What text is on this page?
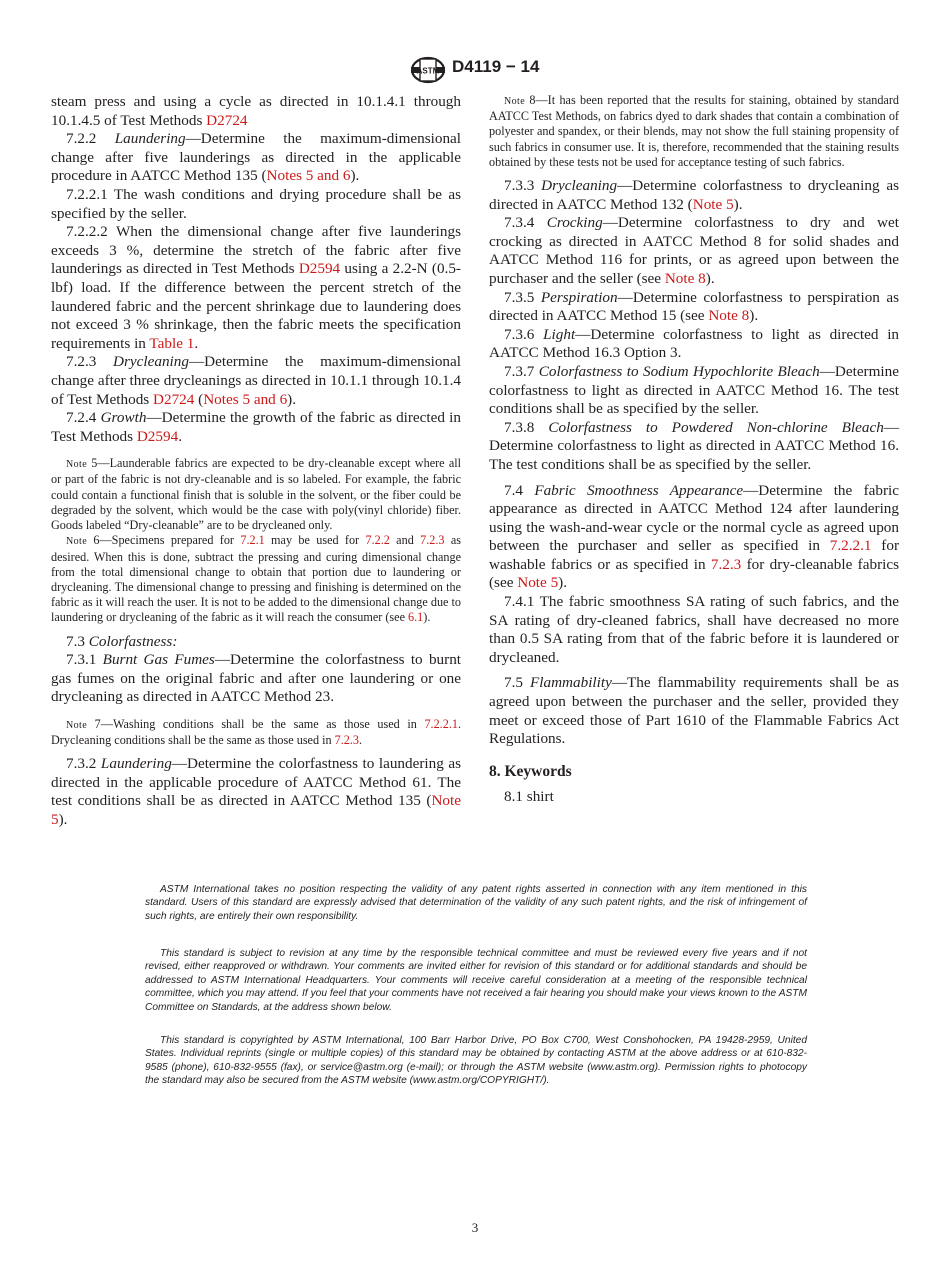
ASTM D4119 − 14

steam press and using a cycle as directed in 10.1.4.1 through 10.1.4.5 of Test Methods D2724

7.2.2 Laundering—Determine the maximum-dimensional change after five launderings as directed in the applicable procedure in AATCC Method 135 (Notes 5 and 6).

7.2.2.1 The wash conditions and drying procedure shall be as specified by the seller.

7.2.2.2 When the dimensional change after five launderings exceeds 3 %, determine the stretch of the fabric after five launderings as directed in Test Methods D2594 using a 2.2-N (0.5-lbf) load. If the difference between the percent stretch of the laundered fabric and the percent shrinkage due to laundering does not exceed 3 % shrinkage, then the fabric meets the specification requirements in Table 1.

7.2.3 Drycleaning—Determine the maximum-dimensional change after three drycleanings as directed in 10.1.1 through 10.1.4 of Test Methods D2724 (Notes 5 and 6).

7.2.4 Growth—Determine the growth of the fabric as directed in Test Methods D2594.

Note 5—Launderable fabrics are expected to be dry-cleanable except where all or part of the fabric is not dry-cleanable and is so labeled. For example, the fabric could contain a functional finish that is soluble in the solvent, or the fiber could be degraded by the solvent, which would be the case with poly(vinyl chloride) fiber. Goods labeled “Dry-cleanable” are to be drycleaned only.

Note 6—Specimens prepared for 7.2.1 may be used for 7.2.2 and 7.2.3 as desired. When this is done, subtract the pressing and curing dimensional change from the total dimensional change to obtain that portion due to laundering or drycleaning. The dimensional change to pressing and finishing is determined on the fabric as it will reach the user. It is not to be added to the dimensional change due to laundering or drycleaning of the fabric as it will reach the consumer (see 6.1).

7.3 Colorfastness:

7.3.1 Burnt Gas Fumes—Determine the colorfastness to burnt gas fumes on the original fabric and after one laundering or one drycleaning as directed in AATCC Method 23.

Note 7—Washing conditions shall be the same as those used in 7.2.2.1. Drycleaning conditions shall be the same as those used in 7.2.3.

7.3.2 Laundering—Determine the colorfastness to laundering as directed in the applicable procedure of AATCC Method 61. The test conditions shall be as directed in AATCC Method 135 (Note 5).

Note 8—It has been reported that the results for staining, obtained by standard AATCC Test Methods, on fabrics dyed to dark shades that contain a combination of polyester and spandex, or their blends, may not show the full staining propensity of such fabrics in consumer use. It is, therefore, recommended that the staining results obtained by these tests not be used for acceptance testing of such fabrics.

7.3.3 Drycleaning—Determine colorfastness to drycleaning as directed in AATCC Method 132 (Note 5).

7.3.4 Crocking—Determine colorfastness to dry and wet crocking as directed in AATCC Method 8 for solid shades and AATCC Method 116 for prints, or as agreed upon between the purchaser and the seller (see Note 8).

7.3.5 Perspiration—Determine colorfastness to perspiration as directed in AATCC Method 15 (see Note 8).

7.3.6 Light—Determine colorfastness to light as directed in AATCC Method 16.3 Option 3.

7.3.7 Colorfastness to Sodium Hypochlorite Bleach—Determine colorfastness to light as directed in AATCC Method 16. The test conditions shall be as specified by the seller.

7.3.8 Colorfastness to Powdered Non-chlorine Bleach—Determine colorfastness to light as directed in AATCC Method 16. The test conditions shall be as specified by the seller.

7.4 Fabric Smoothness Appearance—Determine the fabric appearance as directed in AATCC Method 124 after laundering using the wash-and-wear cycle or the normal cycle as agreed upon between the purchaser and seller as specified in 7.2.2.1 for washable fabrics or as specified in 7.2.3 for dry-cleanable fabrics (see Note 5).

7.4.1 The fabric smoothness SA rating of such fabrics, and the SA rating of dry-cleaned fabrics, shall have decreased no more than 0.5 SA rating from that of the fabric before it is laundered or drycleaned.

7.5 Flammability—The flammability requirements shall be as agreed upon between the purchaser and the seller, provided they meet or exceed those of Part 1610 of the Flammable Fabrics Act Regulations.

8. Keywords

8.1 shirt

ASTM International takes no position respecting the validity of any patent rights asserted in connection with any item mentioned in this standard. Users of this standard are expressly advised that determination of the validity of any such patent rights, and the risk of infringement of such rights, are entirely their own responsibility.

This standard is subject to revision at any time by the responsible technical committee and must be reviewed every five years and if not revised, either reapproved or withdrawn. Your comments are invited either for revision of this standard or for additional standards and should be addressed to ASTM International Headquarters. Your comments will receive careful consideration at a meeting of the responsible technical committee, which you may attend. If you feel that your comments have not received a fair hearing you should make your views known to the ASTM Committee on Standards, at the address shown below.

This standard is copyrighted by ASTM International, 100 Barr Harbor Drive, PO Box C700, West Conshohocken, PA 19428-2959, United States. Individual reprints (single or multiple copies) of this standard may be obtained by contacting ASTM at the above address or at 610-832-9585 (phone), 610-832-9555 (fax), or service@astm.org (e-mail); or through the ASTM website (www.astm.org). Permission rights to photocopy the standard may also be secured from the ASTM website (www.astm.org/COPYRIGHT/).

3
